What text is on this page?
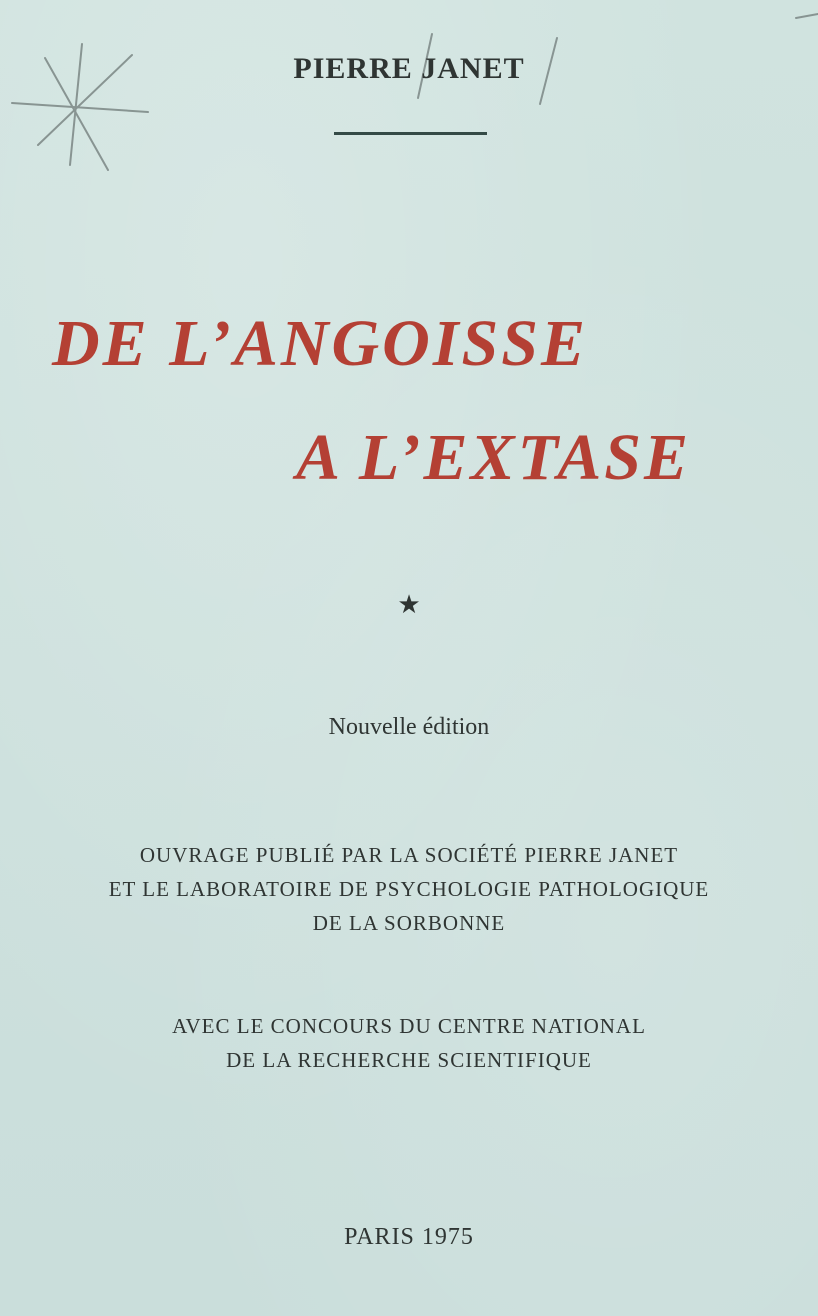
PIERRE JANET
DE L’ANGOISSE
A L’EXTASE
★
Nouvelle édition
OUVRAGE PUBLIÉ PAR LA SOCIÉTÉ PIERRE JANET
ET LE LABORATOIRE DE PSYCHOLOGIE PATHOLOGIQUE
DE LA SORBONNE
AVEC LE CONCOURS DU CENTRE NATIONAL
DE LA RECHERCHE SCIENTIFIQUE
PARIS 1975
